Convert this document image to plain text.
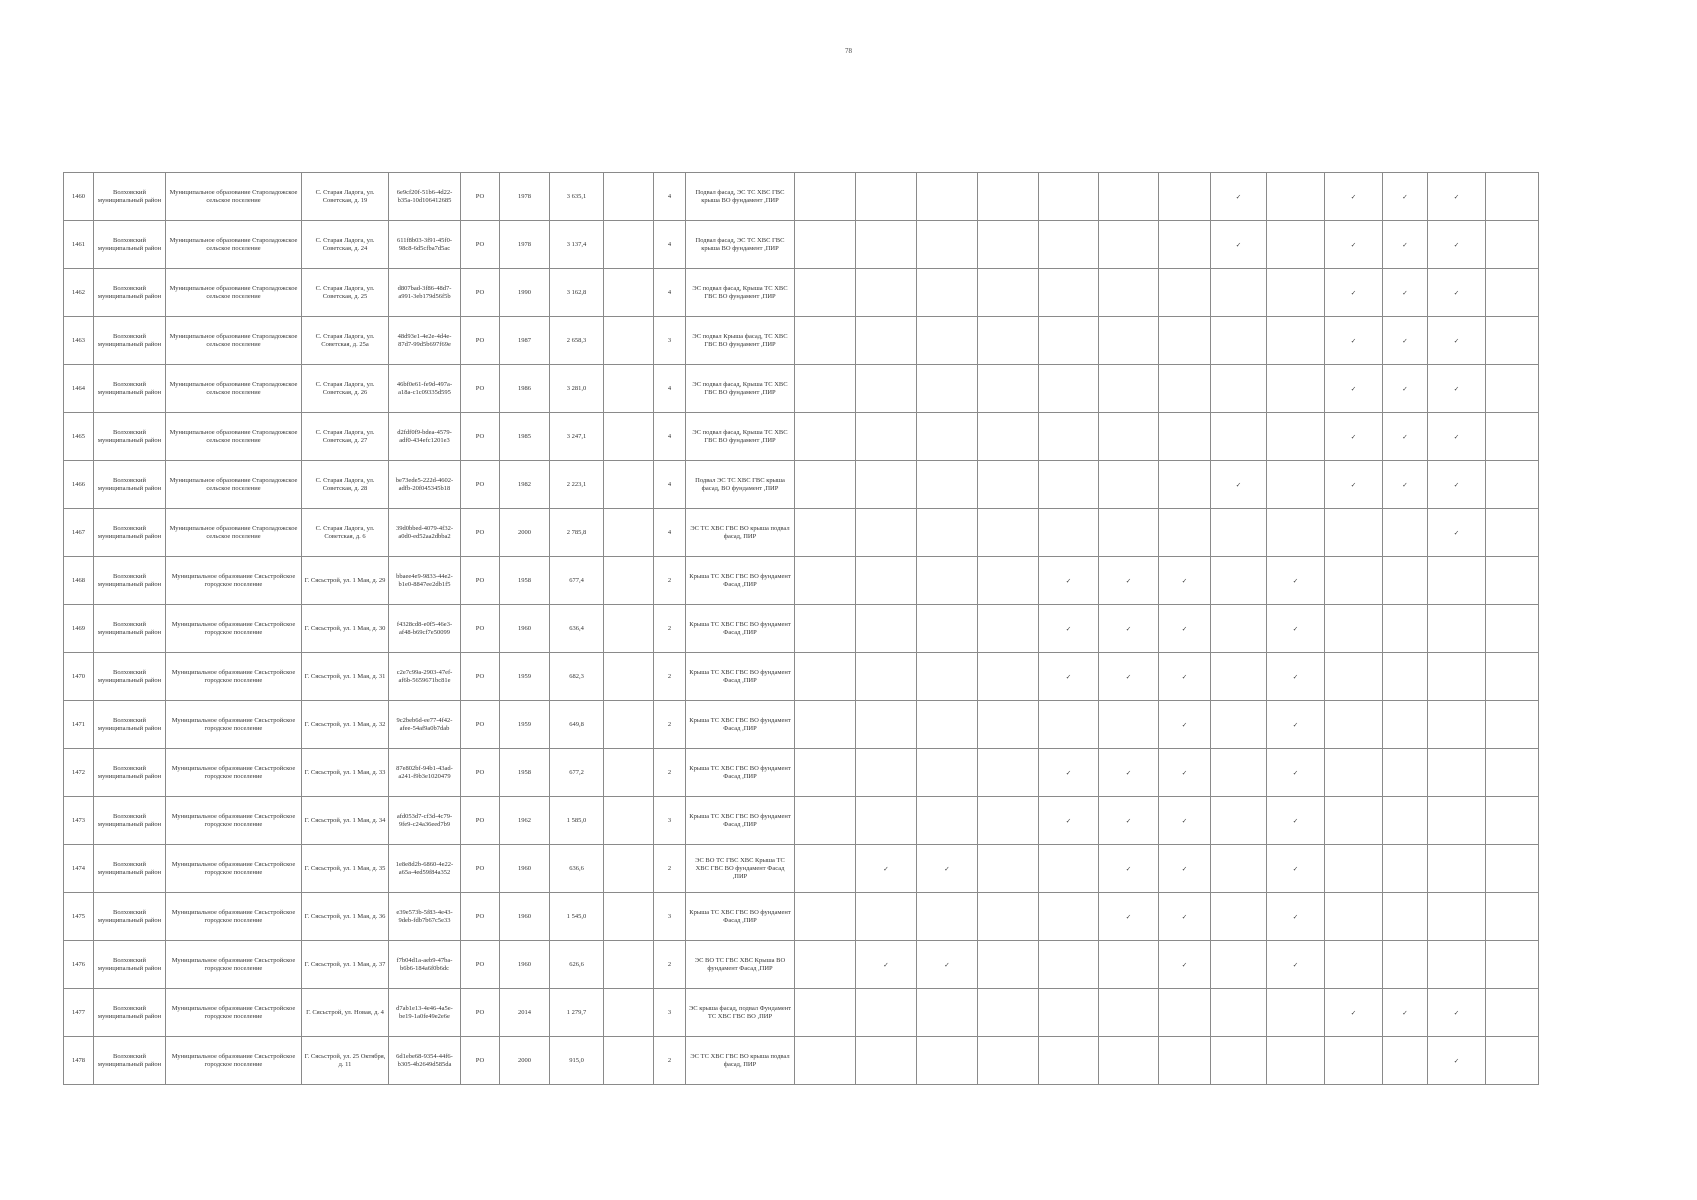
78
1460	Волховский муниципальный район	Муниципальное образование Староладожское сельское поселение	С. Старая Ладога, ул. Советская, д. 19	6e9cf20f-51b6-4d22-b35a-10d106412685	РО	1978	3 635,1		4	Подвал фасад, ЭС ТС ХВС ГВС крыша ВО фундамент ,ПИР								✓		✓	✓	✓	
1461	Волховский муниципальный район	Муниципальное образование Староладожское сельское поселение	С. Старая Ладога, ул. Советская, д. 24	611f8b03-3f91-45f0-98c8-6d5cfba7d5ac	РО	1978	3 137,4		4	Подвал фасад, ЭС ТС ХВС ГВС крыша ВО фундамент ,ПИР								✓		✓	✓	✓	
1462	Волховский муниципальный район	Муниципальное образование Староладожское сельское поселение	С. Старая Ладога, ул. Советская, д. 25	d807bad-3f86-48d7-a991-3eb179d56f5b	РО	1990	3 162,8		4	ЭС подвал фасад, Крыша ТС ХВС ГВС ВО фундамент ,ПИР										✓	✓	✓	
1463	Волховский муниципальный район	Муниципальное образование Староладожское сельское поселение	С. Старая Ладога, ул. Советская, д. 25а	48d93e1-4e2e-4d4e-87d7-99d5b697f69e	РО	1987	2 658,3		3	ЭС подвал Крыша фасад, ТС ХВС ГВС ВО фундамент ,ПИР										✓	✓	✓	
1464	Волховский муниципальный район	Муниципальное образование Староладожское сельское поселение	С. Старая Ладога, ул. Советская, д. 26	46bf0e61-fe9d-497a-a18a-c1c09335d595	РО	1986	3 281,0		4	ЭС подвал фасад, Крыша ТС ХВС ГВС ВО фундамент ,ПИР										✓	✓	✓	
1465	Волховский муниципальный район	Муниципальное образование Староладожское сельское поселение	С. Старая Ладога, ул. Советская, д. 27	d2fdf0f9-bdea-4579-adf0-434efc1201e3	РО	1985	3 247,1		4	ЭС подвал фасад, Крыша ТС ХВС ГВС ВО фундамент ,ПИР										✓	✓	✓	
1466	Волховский муниципальный район	Муниципальное образование Староладожское сельское поселение	С. Старая Ладога, ул. Советская, д. 28	be73ede5-222d-4602-adfb-20f045345b18	РО	1982	2 223,1		4	Подвал ЭС ТС ХВС ГВС крыша фасад, ВО фундамент ,ПИР								✓		✓	✓	✓	
1467	Волховский муниципальный район	Муниципальное образование Староладожское сельское поселение	С. Старая Ладога, ул. Советская, д. 6	39d0bbed-4079-4f32-a0d0-ed52aa2dbba2	РО	2000	2 785,8		4	ЭС ТС ХВС ГВС ВО крыша подвал фасад, ПИР												✓	
1468	Волховский муниципальный район	Муниципальное образование Сясьстройское городское поселение	Г. Сясьстрой, ул. 1 Мая, д. 29	bbaee4e9-9833-44e2-b1e0-8847ee2db1f5	РО	1958	677,4		2	Крыша ТС ХВС ГВС ВО фундамент Фасад ,ПИР					✓	✓	✓		✓				
1469	Волховский муниципальный район	Муниципальное образование Сясьстройское городское поселение	Г. Сясьстрой, ул. 1 Мая, д. 30	f4328cd8-e0f5-46e3-af48-b69cf7e50099	РО	1960	636,4		2	Крыша ТС ХВС ГВС ВО фундамент Фасад ,ПИР					✓	✓	✓		✓				
1470	Волховский муниципальный район	Муниципальное образование Сясьстройское городское поселение	Г. Сясьстрой, ул. 1 Мая, д. 31	c2e7c99a-2903-47ef-af6b-5659671bc81e	РО	1959	682,3		2	Крыша ТС ХВС ГВС ВО фундамент Фасад ,ПИР					✓	✓	✓		✓				
1471	Волховский муниципальный район	Муниципальное образование Сясьстройское городское поселение	Г. Сясьстрой, ул. 1 Мая, д. 32	9c2beb6d-ee77-4f42-afee-54af9a0b7dab	РО	1959	649,8		2	Крыша ТС ХВС ГВС ВО фундамент Фасад ,ПИР							✓		✓				
1472	Волховский муниципальный район	Муниципальное образование Сясьстройское городское поселение	Г. Сясьстрой, ул. 1 Мая, д. 33	87e802bf-94b1-43ad-a241-f9b3e1020479	РО	1958	677,2		2	Крыша ТС ХВС ГВС ВО фундамент Фасад ,ПИР					✓	✓	✓		✓				
1473	Волховский муниципальный район	Муниципальное образование Сясьстройское городское поселение	Г. Сясьстрой, ул. 1 Мая, д. 34	afd053d7-cf3d-4c79-9fe9-c24a36eed7b9	РО	1962	1 585,0		3	Крыша ТС ХВС ГВС ВО фундамент Фасад ,ПИР					✓	✓	✓		✓				
1474	Волховский муниципальный район	Муниципальное образование Сясьстройское городское поселение	Г. Сясьстрой, ул. 1 Мая, д. 35	1e8e8d2b-6860-4e22-a65a-4ed59f84a352	РО	1960	636,6		2	ЭС ВО ТС ГВС ХВС Крыша ТС ХВС ГВС ВО фундамент Фасад ,ПИР		✓	✓			✓	✓		✓				
1475	Волховский муниципальный район	Муниципальное образование Сясьстройское городское поселение	Г. Сясьстрой, ул. 1 Мая, д. 36	e39e573b-5f83-4e43-9deb-fdb7b67c5e33	РО	1960	1 545,0		3	Крыша ТС ХВС ГВС ВО фундамент Фасад ,ПИР						✓	✓		✓				
1476	Волховский муниципальный район	Муниципальное образование Сясьстройское городское поселение	Г. Сясьстрой, ул. 1 Мая, д. 37	f7b04d1a-aeb9-47ba-b6b6-184a6f0b6dc	РО	1960	626,6		2	ЭС ВО ТС ГВС ХВС Крыша ВО фундамент Фасад ,ПИР		✓	✓				✓		✓				
1477	Волховский муниципальный район	Муниципальное образование Сясьстройское городское поселение	Г. Сясьстрой, ул. Новая, д. 4	d7ab1e13-4e46-4a5e-be19-1a0fe49e2e6e	РО	2014	1 279,7		3	ЭС крыша фасад, подвал Фундамент ТС ХВС ГВС ВО ,ПИР										✓	✓	✓	
1478	Волховский муниципальный район	Муниципальное образование Сясьстройское городское поселение	Г. Сясьстрой, ул. 25 Октября, д. 11	6d1ebe68-9354-44f6-b305-4b2649d585da	РО	2000	915,0		2	ЭС ТС ХВС ГВС ВО крыша подвал фасад, ПИР												✓	
